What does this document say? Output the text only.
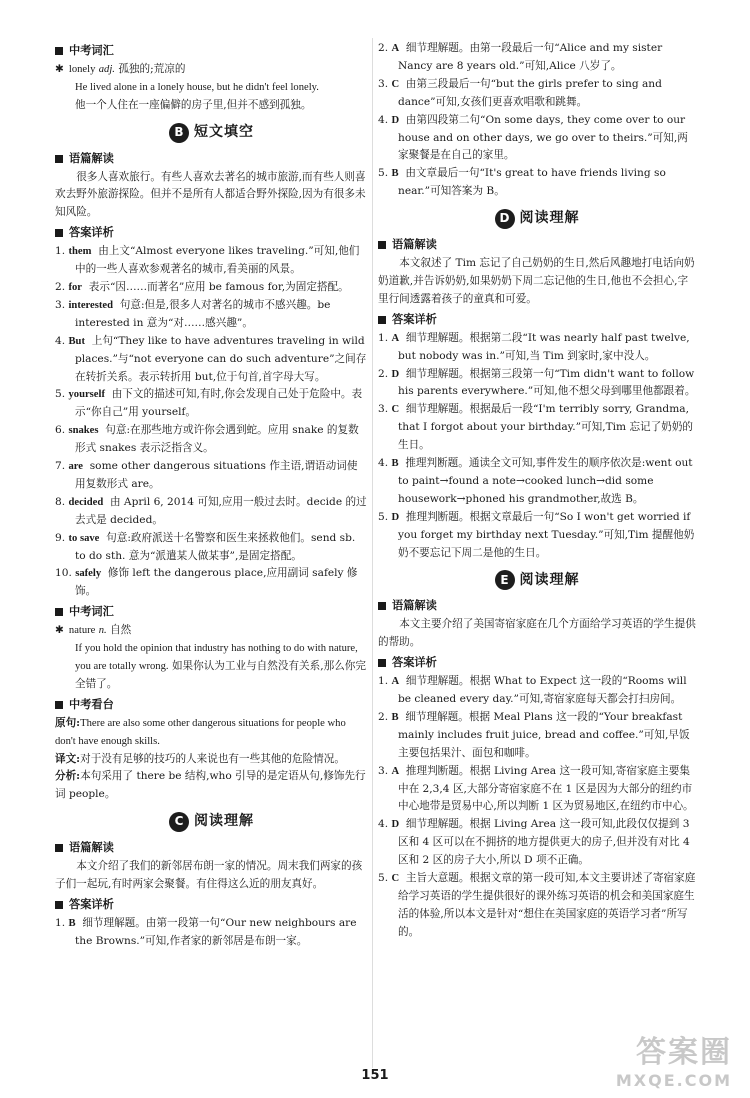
中考词汇

✱ lonely adj. 孤独的;荒凉的

He lived alone in a lonely house, but he didn't feel lonely.

他一个人住在一座偏僻的房子里,但并不感到孤独。

B 短文填空
语篇解读

很多人喜欢旅行。有些人喜欢去著名的城市旅游,而有些人则喜欢去野外旅游探险。但并不是所有人都适合野外探险,因为有很多未知风险。

答案详析

1. them 由上文“Almost everyone likes traveling.”可知,他们中的一些人喜欢参观著名的城市,看美丽的风景。

2. for 表示“因……而著名”应用 be famous for,为固定搭配。

3. interested 句意:但是,很多人对著名的城市不感兴趣。be interested in 意为“对……感兴趣”。

4. But 上句“They like to have adventures traveling in wild places.”与“not everyone can do such adventure”之间存在转折关系。表示转折用 but,位于句首,首字母大写。

5. yourself 由下文的描述可知,有时,你会发现自己处于危险中。表示“你自己”用 yourself。

6. snakes 句意:在那些地方或许你会遇到蛇。应用 snake 的复数形式 snakes 表示泛指含义。

7. are some other dangerous situations 作主语,谓语动词使用复数形式 are。

8. decided 由 April 6, 2014 可知,应用一般过去时。decide 的过去式是 decided。

9. to save 句意:政府派送十名警察和医生来拯救他们。send sb. to do sth. 意为“派遣某人做某事”,是固定搭配。

10. safely 修饰 left the dangerous place,应用副词 safely 修饰。

中考词汇

✱ nature n. 自然

If you hold the opinion that industry has nothing to do with nature, you are totally wrong. 如果你认为工业与自然没有关系,那么你完全错了。

中考看台

原句:There are also some other dangerous situations for people who don't have enough skills.

译文:对于没有足够的技巧的人来说也有一些其他的危险情况。

分析:本句采用了 there be 结构,who 引导的是定语从句,修饰先行词 people。

C 阅读理解
语篇解读

本文介绍了我们的新邻居布朗一家的情况。周末我们两家的孩子们一起玩,有时两家会聚餐。有住得这么近的朋友真好。

答案详析

1. B 细节理解题。由第一段第一句“Our new neighbours are the Browns.”可知,作者家的新邻居是布朗一家。

2. A 细节理解题。由第一段最后一句“Alice and my sister Nancy are 8 years old.”可知,Alice 八岁了。

3. C 由第三段最后一句“but the girls prefer to sing and dance”可知,女孩们更喜欢唱歌和跳舞。

4. D 由第四段第二句“On some days, they come over to our house and on other days, we go over to theirs.”可知,两家聚餐是在自己的家里。

5. B 由文章最后一句“It's great to have friends living so near.”可知答案为 B。

D 阅读理解
语篇解读

本文叙述了 Tim 忘记了自己奶奶的生日,然后风趣地打电话向奶奶道歉,并告诉奶奶,如果奶奶下周二忘记他的生日,他也不会担心,字里行间透露着孩子的童真和可爱。

答案详析

1. A 细节理解题。根据第二段“It was nearly half past twelve, but nobody was in.”可知,当 Tim 到家时,家中没人。

2. D 细节理解题。根据第三段第一句“Tim didn't want to follow his parents everywhere.”可知,他不想父母到哪里他都跟着。

3. C 细节理解题。根据最后一段“I'm terribly sorry, Grandma, that I forgot about your birthday.”可知,Tim 忘记了奶奶的生日。

4. B 推理判断题。通读全文可知,事件发生的顺序依次是:went out to paint→found a note→cooked lunch→did some housework→phoned his grandmother,故选 B。

5. D 推理判断题。根据文章最后一句“So I won't get worried if you forget my birthday next Tuesday.”可知,Tim 提醒他奶奶不要忘记下周二是他的生日。

E 阅读理解
语篇解读

本文主要介绍了美国寄宿家庭在几个方面给学习英语的学生提供的帮助。

答案详析

1. A 细节理解题。根据 What to Expect 这一段的“Rooms will be cleaned every day.”可知,寄宿家庭每天都会打扫房间。

2. B 细节理解题。根据 Meal Plans 这一段的“Your breakfast mainly includes fruit juice, bread and coffee.”可知,早饭主要包括果汁、面包和咖啡。

3. A 推理判断题。根据 Living Area 这一段可知,寄宿家庭主要集中在 2,3,4 区,大部分寄宿家庭不在 1 区是因为大部分的纽约市中心地带是贸易中心,所以判断 1 区为贸易地区,在纽约市中心。

4. D 细节理解题。根据 Living Area 这一段可知,此段仅仅提到 3 区和 4 区可以在不拥挤的地方提供更大的房子,但并没有对比 4 区和 2 区的房子大小,所以 D 项不正确。

5. C 主旨大意题。根据文章的第一段可知,本文主要讲述了寄宿家庭给学习英语的学生提供很好的课外练习英语的机会和美国家庭生活的体验,所以本文是针对“想住在美国家庭的英语学习者”所写的。

151
答案圈
MXQE.COM
